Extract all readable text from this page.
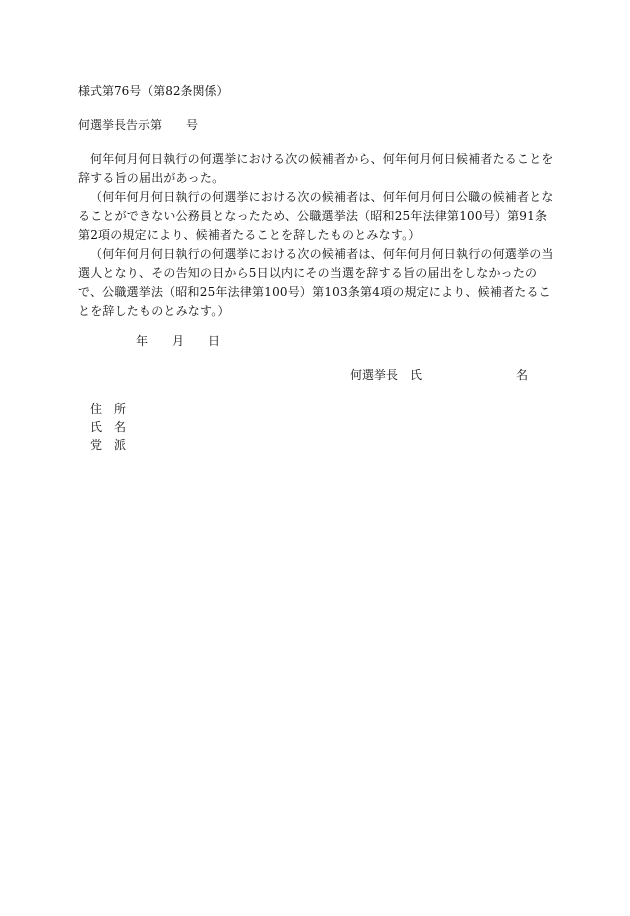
様式第76号（第82条関係）
何選挙長告示第　　号
何年何月何日執行の何選挙における次の候補者から、何年何月何日候補者たることを辞する旨の届出があった。
（何年何月何日執行の何選挙における次の候補者は、何年何月何日公職の候補者となることができない公務員となったため、公職選挙法（昭和25年法律第100号）第91条第2項の規定により、候補者たることを辞したものとみなす。）
（何年何月何日執行の何選挙における次の候補者は、何年何月何日執行の何選挙の当選人となり、その告知の日から5日以内にその当選を辞する旨の届出をしなかったので、公職選挙法（昭和25年法律第100号）第103条第4項の規定により、候補者たることを辞したものとみなす。）
年 月 日
何選挙長 氏	名
住　所
氏　名
党　派
